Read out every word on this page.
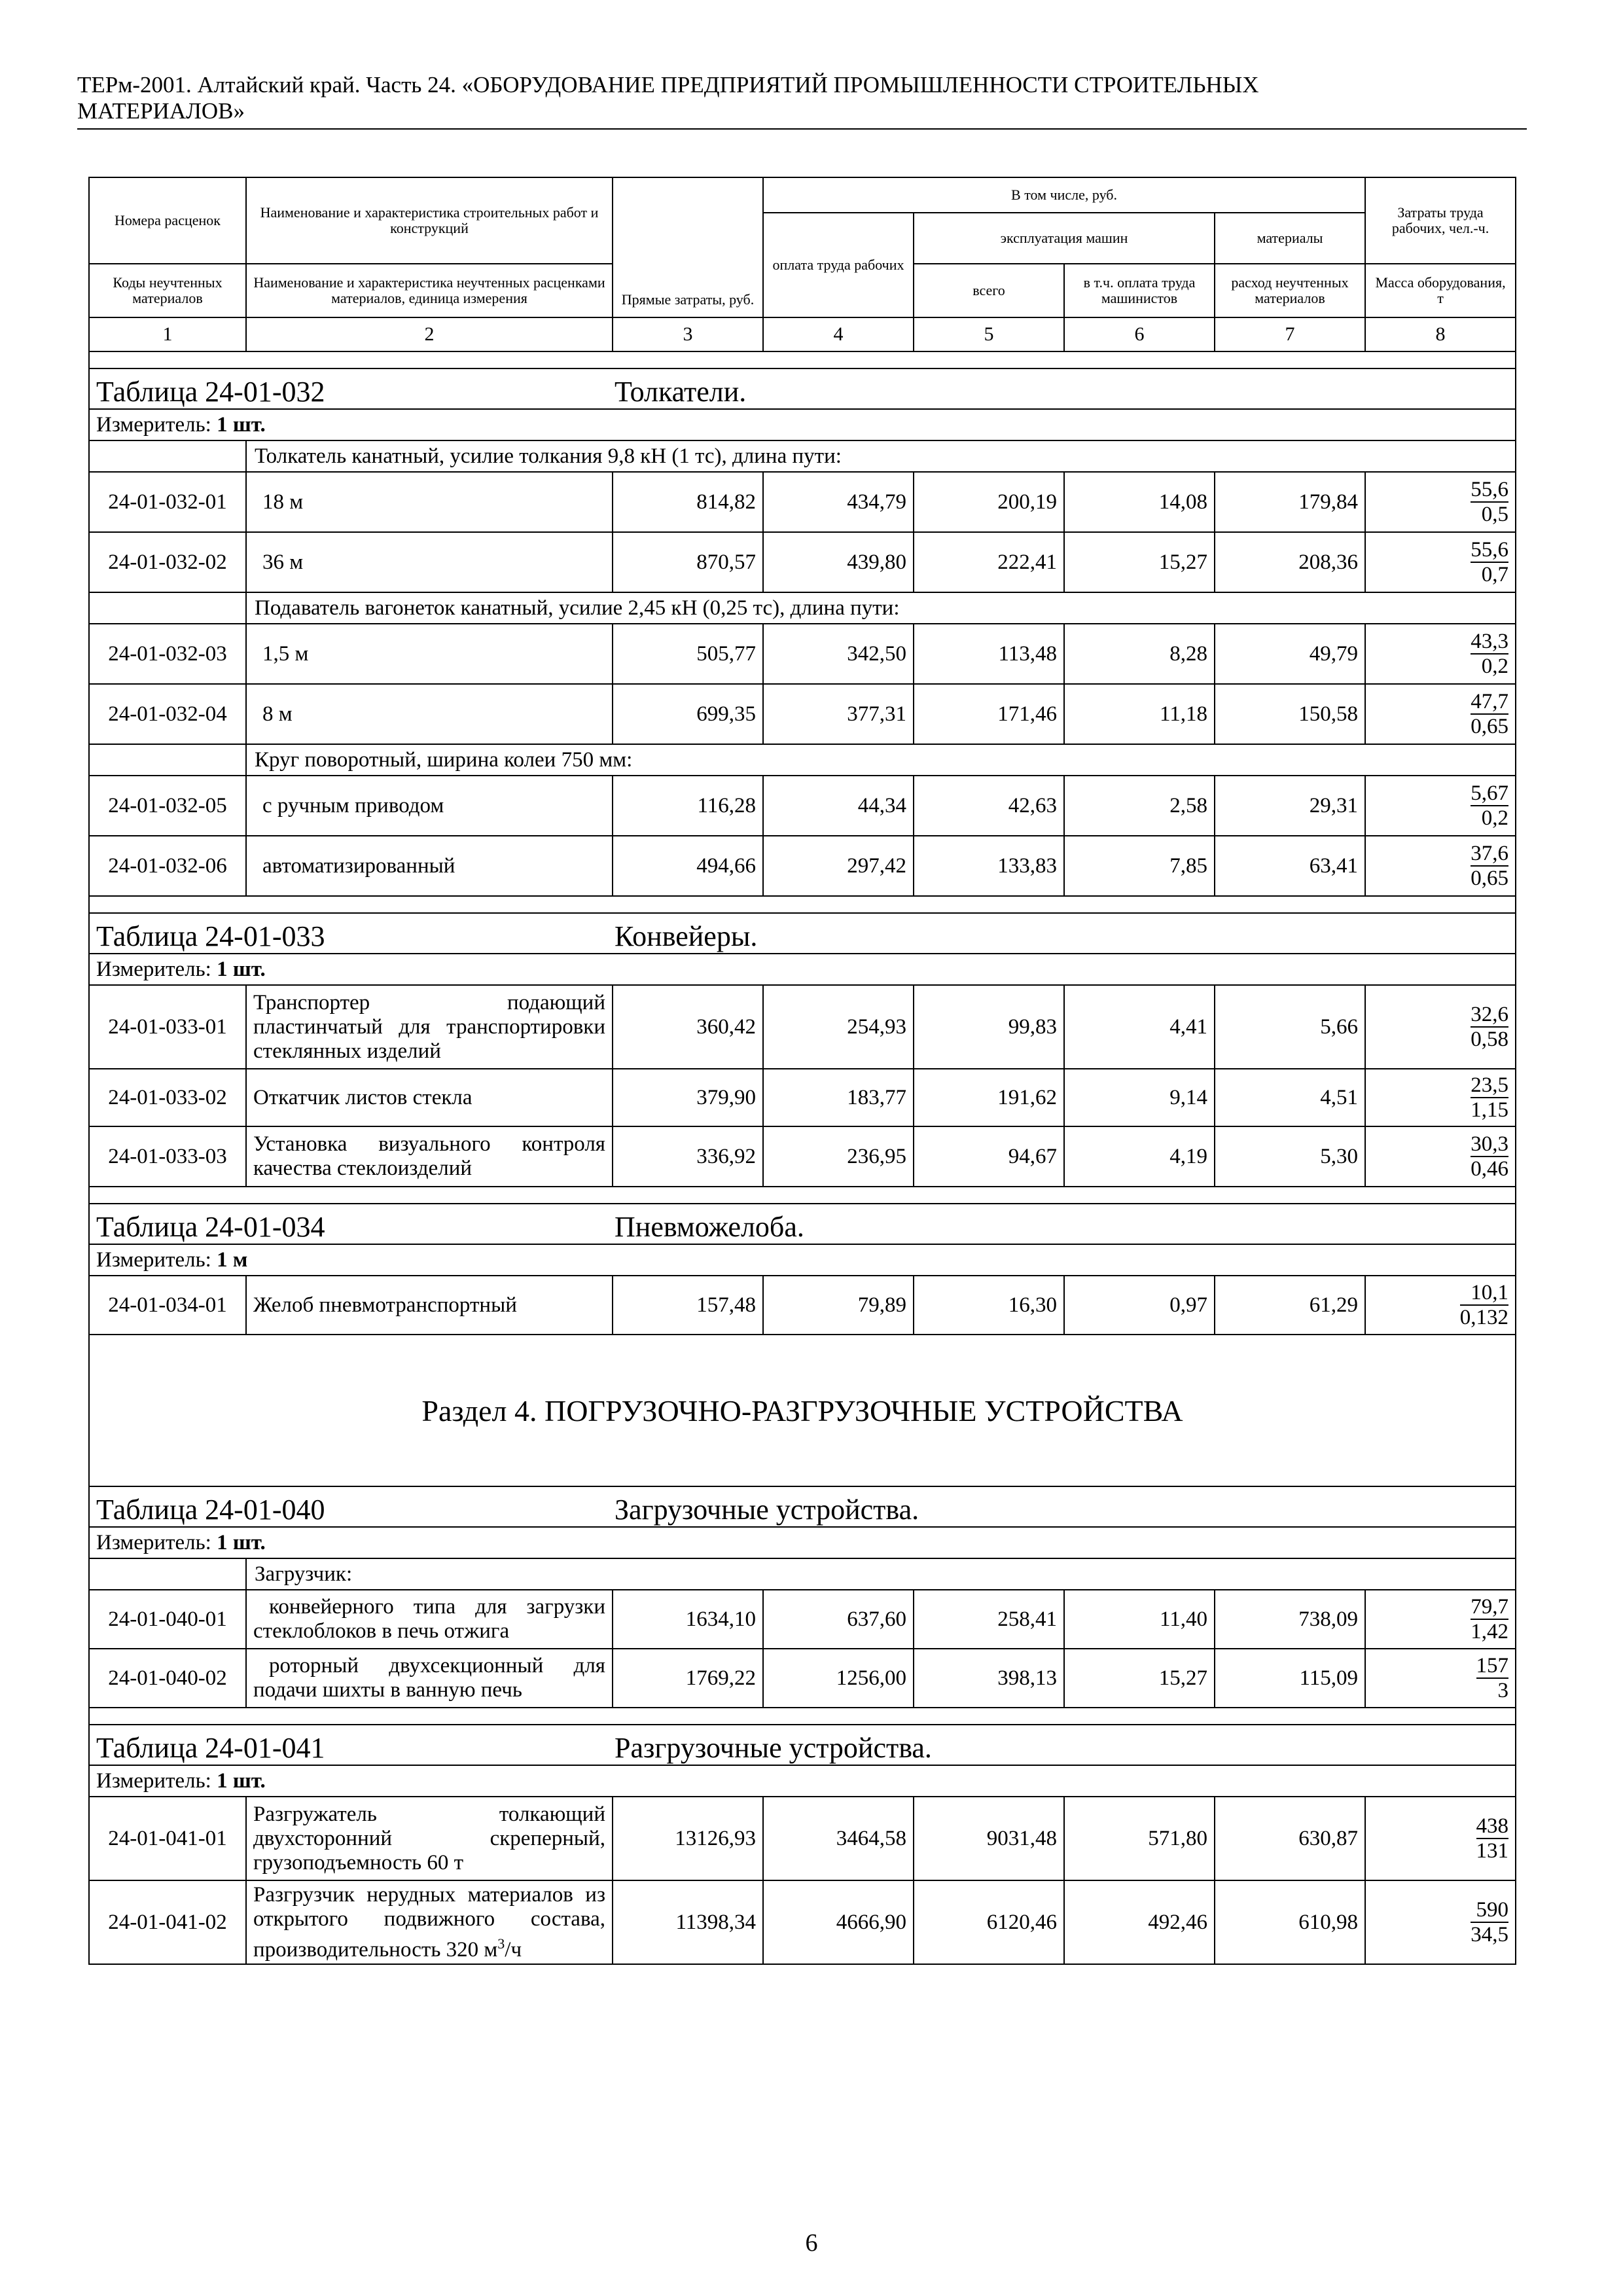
ТЕРм-2001. Алтайский край. Часть 24. «ОБОРУДОВАНИЕ ПРЕДПРИЯТИЙ ПРОМЫШЛЕННОСТИ СТРОИТЕЛЬНЫХ
МАТЕРИАЛОВ»
Номера расценок	Наименование и характеристика строительных работ и конструкций	Прямые затраты, руб.	В том числе, руб.				Затраты труда рабочих, чел.-ч.
			оплата труда рабочих	эксплуатация машин		материалы	
Коды неучтенных материалов	Наименование и характеристика неучтенных расценками материалов, единица измерения			всего	в т.ч. оплата труда машинистов	расход неучтенных материалов	Масса оборудования, т
1	2	3	4	5	6	7	8

Таблица 24-01-032 Толкатели.							
Измеритель: 1 шт.							
	Толкатель канатный, усилие толкания 9,8 кН (1 тс), длина пути:						
24-01-032-01	18 м	814,82	434,79	200,19	14,08	179,84	$\frac{55,6}{0,5}$

24-01-032-02	36 м	870,57	439,80	222,41	15,27	208,36	$\frac{55,6}{0,7}$

	Подаватель вагонеток канатный, усилие 2,45 кН (0,25 тс), длина пути:						
24-01-032-03	1,5 м	505,77	342,50	113,48	8,28	49,79	$\frac{43,3}{0,2}$

24-01-032-04	8 м	699,35	377,31	171,46	11,18	150,58	$\frac{47,7}{0,65}$

	Круг поворотный, ширина колеи 750 мм:						
24-01-032-05	с ручным приводом	116,28	44,34	42,63	2,58	29,31	$\frac{5,67}{0,2}$

24-01-032-06	автоматизированный	494,66	297,42	133,83	7,85	63,41	$\frac{37,6}{0,65}$

Таблица 24-01-033 Конвейеры.							
Измеритель: 1 шт.							
24-01-033-01	Транспортер подающий пластинчатый для транспортировки стеклянных изделий	360,42	254,93	99,83	4,41	5,66	$\frac{32,6}{0,58}$

24-01-033-02	Откатчик листов стекла	379,90	183,77	191,62	9,14	4,51	$\frac{23,5}{1,15}$

24-01-033-03	Установка визуального контроля качества стеклоизделий	336,92	236,95	94,67	4,19	5,30	$\frac{30,3}{0,46}$

Таблица 24-01-034 Пневможелоба.							
Измеритель: 1 м							
24-01-034-01	Желоб пневмотранспортный	157,48	79,89	16,30	0,97	61,29	$\frac{10,1}{0,132}$

Раздел 4. ПОГРУЗОЧНО-РАЗГРУЗОЧНЫЕ УСТРОЙСТВА							
Таблица 24-01-040 Загрузочные устройства.							
Измеритель: 1 шт.							
	Загрузчик:						
24-01-040-01	конвейерного типа для загрузки стеклоблоков в печь отжига	1634,10	637,60	258,41	11,40	738,09	$\frac{79,7}{1,42}$

24-01-040-02	роторный двухсекционный для подачи шихты в ванную печь	1769,22	1256,00	398,13	15,27	115,09	$\frac{157}{3}$

Таблица 24-01-041 Разгрузочные устройства.							
Измеритель: 1 шт.							
24-01-041-01	Разгружатель толкающий двухсторонний скреперный, грузоподъемность 60 т	13126,93	3464,58	9031,48	571,80	630,87	$\frac{438}{131}$

24-01-041-02	Разгрузчик нерудных материалов из открытого подвижного состава, производительность 320 $м^3/ч$	11398,34	4666,90	6120,46	492,46	610,98	$\frac{590}{34,5}$
6
